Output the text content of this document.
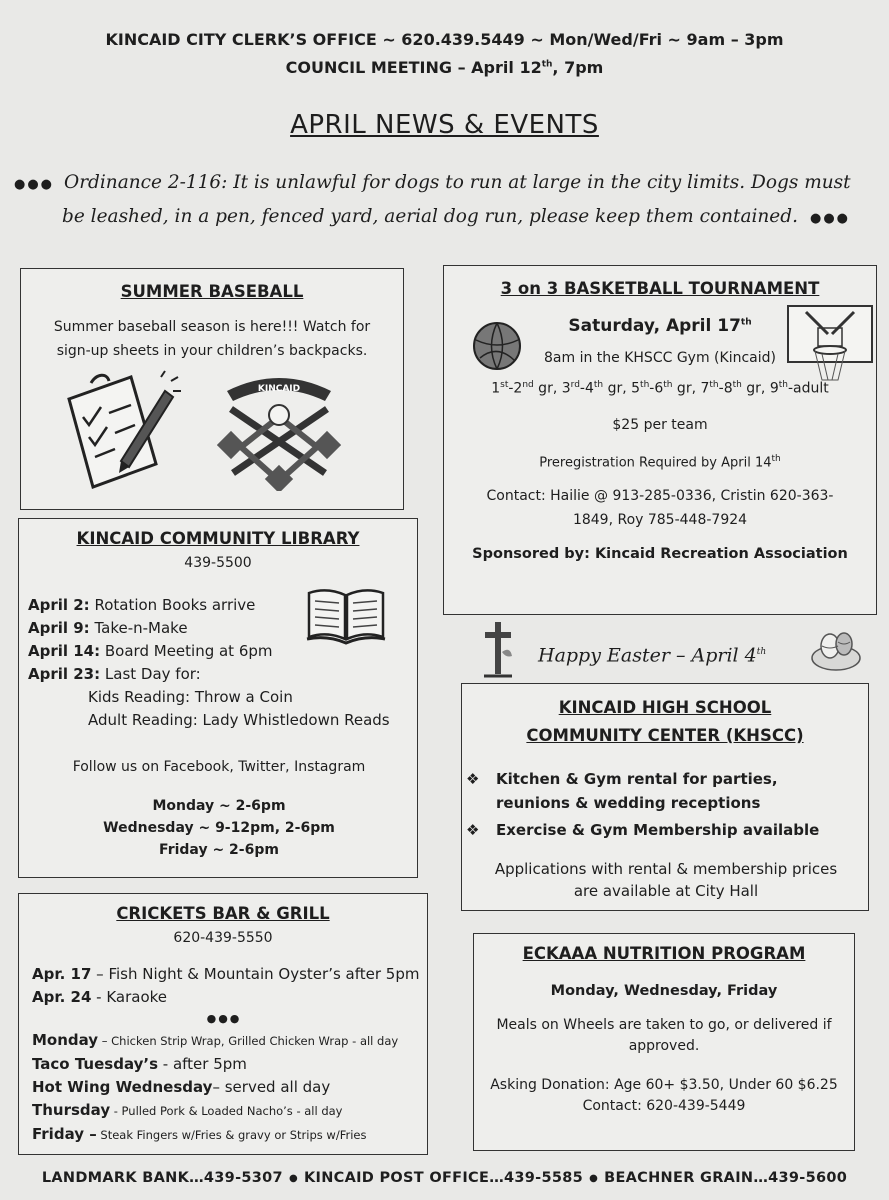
KINCAID CITY CLERK’S OFFICE ~ 620.439.5449 ~ Mon/Wed/Fri ~ 9am – 3pm
COUNCIL MEETING – April 12th, 7pm
APRIL NEWS & EVENTS
●●● Ordinance 2-116: It is unlawful for dogs to run at large in the city limits. Dogs must
be leashed, in a pen, fenced yard, aerial dog run, please keep them contained. ●●●
SUMMER BASEBALL
Summer baseball season is here!!! Watch for
sign-up sheets in your children’s backpacks.
KINCAID
3 on 3 BASKETBALL TOURNAMENT
Saturday, April 17th
8am in the KHSCC Gym (Kincaid)
1st-2nd gr, 3rd-4th gr, 5th-6th gr, 7th-8th gr, 9th-adult
$25 per team
Preregistration Required by April 14th
Contact: Hailie @ 913-285-0336, Cristin 620-363-
1849, Roy 785-448-7924
Sponsored by: Kincaid Recreation Association
KINCAID COMMUNITY LIBRARY
439-5500
April 2: Rotation Books arrive
April 9: Take-n-Make
April 14: Board Meeting at 6pm
April 23: Last Day for:
Kids Reading: Throw a Coin
Adult Reading: Lady Whistledown Reads
Follow us on Facebook, Twitter, Instagram
Monday ~ 2-6pm
Wednesday ~ 9-12pm, 2-6pm
Friday ~ 2-6pm
Happy Easter – April 4th
KINCAID HIGH SCHOOL
COMMUNITY CENTER (KHSCC)
❖ Kitchen & Gym rental for parties,
reunions & wedding receptions
❖ Exercise & Gym Membership available
Applications with rental & membership prices
are available at City Hall
CRICKETS BAR & GRILL
620-439-5550
Apr. 17 – Fish Night & Mountain Oyster’s after 5pm
Apr. 24 - Karaoke
●●●
Monday – Chicken Strip Wrap, Grilled Chicken Wrap - all day
Taco Tuesday’s - after 5pm
Hot Wing Wednesday– served all day
Thursday - Pulled Pork & Loaded Nacho’s - all day
Friday – Steak Fingers w/Fries & gravy or Strips w/Fries
ECKAAA NUTRITION PROGRAM
Monday, Wednesday, Friday
Meals on Wheels are taken to go, or delivered if
approved.
Asking Donation: Age 60+ $3.50, Under 60 $6.25
Contact: 620-439-5449
LANDMARK BANK…439-5307 ● KINCAID POST OFFICE…439-5585 ● BEACHNER GRAIN…439-5600
